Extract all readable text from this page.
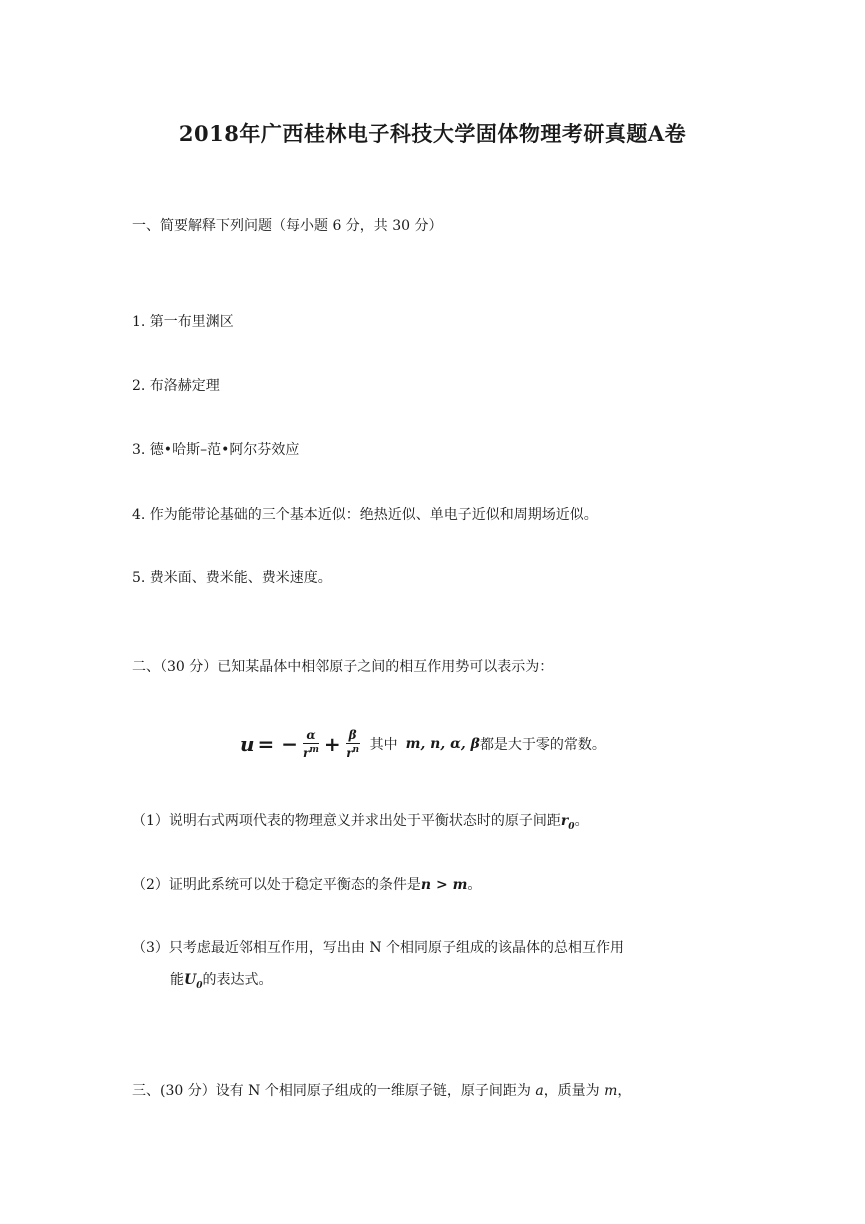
2018年广西桂林电子科技大学固体物理考研真题A卷
一、简要解释下列问题（每小题 6 分，共 30 分）
1. 第一布里渊区
2. 布洛赫定理
3. 德•哈斯–范•阿尔芬效应
4. 作为能带论基础的三个基本近似：绝热近似、单电子近似和周期场近似。
5. 费米面、费米能、费米速度。
二、（30 分）已知某晶体中相邻原子之间的相互作用势可以表示为：
u = − $\frac{\alpha}{r^m} + \frac{\beta}{r^n}$ 其中 m, n, α, β 都是大于零的常数。
（1）说明右式两项代表的物理意义并求出处于平衡状态时的原子间距$r_0$。
（2）证明此系统可以处于稳定平衡态的条件是n > m。
（3）只考虑最近邻相互作用，写出由 N 个相同原子组成的该晶体的总相互作用
能$U_0$的表达式。
三、(30 分）设有 N 个相同原子组成的一维原子链，原子间距为 a，质量为 m，
